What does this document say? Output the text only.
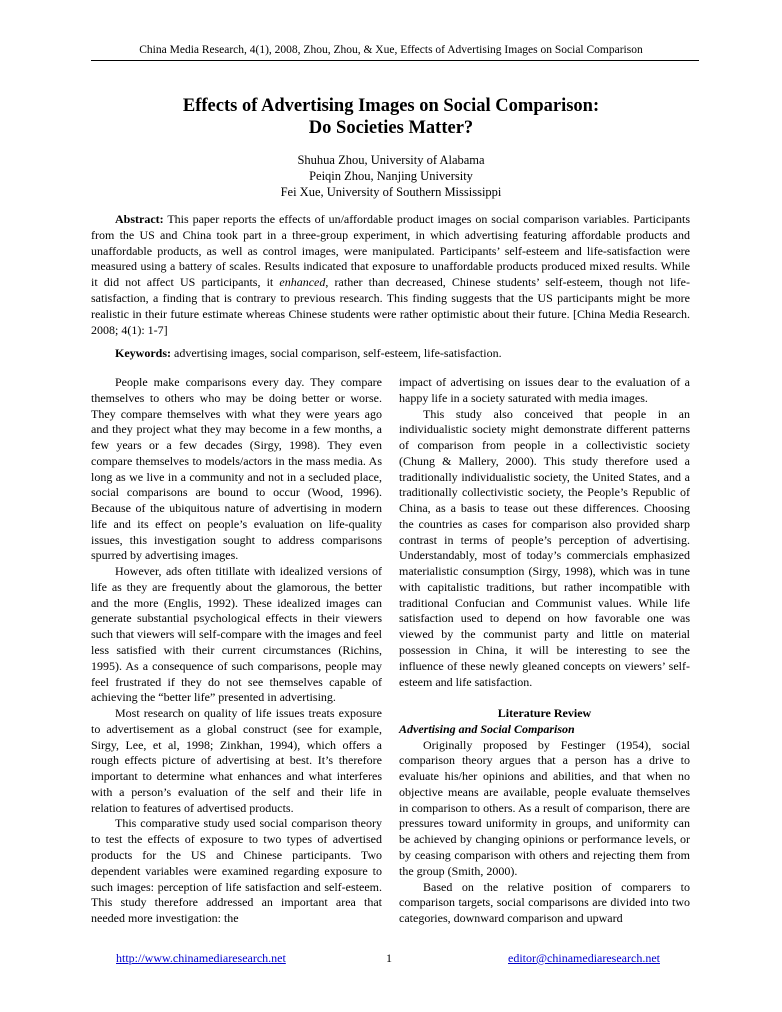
China Media Research, 4(1), 2008, Zhou, Zhou, & Xue, Effects of Advertising Images on Social Comparison
Effects of Advertising Images on Social Comparison:
Do Societies Matter?
Shuhua Zhou, University of Alabama
Peiqin Zhou, Nanjing University
Fei Xue, University of Southern Mississippi

Abstract: This paper reports the effects of un/affordable product images on social comparison variables. Participants from the US and China took part in a three-group experiment, in which advertising featuring affordable products and unaffordable products, as well as control images, were manipulated. Participants’ self-esteem and life-satisfaction were measured using a battery of scales. Results indicated that exposure to unaffordable products produced mixed results. While it did not affect US participants, it enhanced, rather than decreased, Chinese students’ self-esteem, though not life-satisfaction, a finding that is contrary to previous research. This finding suggests that the US participants might be more realistic in their future estimate whereas Chinese students were rather optimistic about their future. [China Media Research. 2008; 4(1): 1-7]

Keywords: advertising images, social comparison, self-esteem, life-satisfaction.

People make comparisons every day. They compare themselves to others who may be doing better or worse. They compare themselves with what they were years ago and they project what they may become in a few months, a few years or a few decades (Sirgy, 1998). They even compare themselves to models/actors in the mass media. As long as we live in a community and not in a secluded place, social comparisons are bound to occur (Wood, 1996). Because of the ubiquitous nature of advertising in modern life and its effect on people’s evaluation on life-quality issues, this investigation sought to address comparisons spurred by advertising images.

However, ads often titillate with idealized versions of life as they are frequently about the glamorous, the better and the more (Englis, 1992). These idealized images can generate substantial psychological effects in their viewers such that viewers will self-compare with the images and feel less satisfied with their current circumstances (Richins, 1995). As a consequence of such comparisons, people may feel frustrated if they do not see themselves capable of achieving the “better life” presented in advertising.

Most research on quality of life issues treats exposure to advertisement as a global construct (see for example, Sirgy, Lee, et al, 1998; Zinkhan, 1994), which offers a rough effects picture of advertising at best. It’s therefore important to determine what enhances and what interferes with a person’s evaluation of the self and their life in relation to features of advertised products.

This comparative study used social comparison theory to test the effects of exposure to two types of advertised products for the US and Chinese participants. Two dependent variables were examined regarding exposure to such images: perception of life satisfaction and self-esteem. This study therefore addressed an important area that needed more investigation: the

impact of advertising on issues dear to the evaluation of a happy life in a society saturated with media images.

This study also conceived that people in an individualistic society might demonstrate different patterns of comparison from people in a collectivistic society (Chung & Mallery, 2000). This study therefore used a traditionally individualistic society, the United States, and a traditionally collectivistic society, the People’s Republic of China, as a basis to tease out these differences. Choosing the countries as cases for comparison also provided sharp contrast in terms of people’s perception of advertising. Understandably, most of today’s commercials emphasized materialistic consumption (Sirgy, 1998), which was in tune with capitalistic traditions, but rather incompatible with traditional Confucian and Communist values. While life satisfaction used to depend on how favorable one was viewed by the communist party and little on material possession in China, it will be interesting to see the influence of these newly gleaned concepts on viewers’ self-esteem and life satisfaction.

Literature Review
Advertising and Social Comparison

Originally proposed by Festinger (1954), social comparison theory argues that a person has a drive to evaluate his/her opinions and abilities, and that when no objective means are available, people evaluate themselves in comparison to others. As a result of comparison, there are pressures toward uniformity in groups, and uniformity can be achieved by changing opinions or performance levels, or by ceasing comparison with others and rejecting them from the group (Smith, 2000).

Based on the relative position of comparers to comparison targets, social comparisons are divided into two categories, downward comparison and upward

http://www.chinamediaresearch.net	1	editor@chinamediaresearch.net
